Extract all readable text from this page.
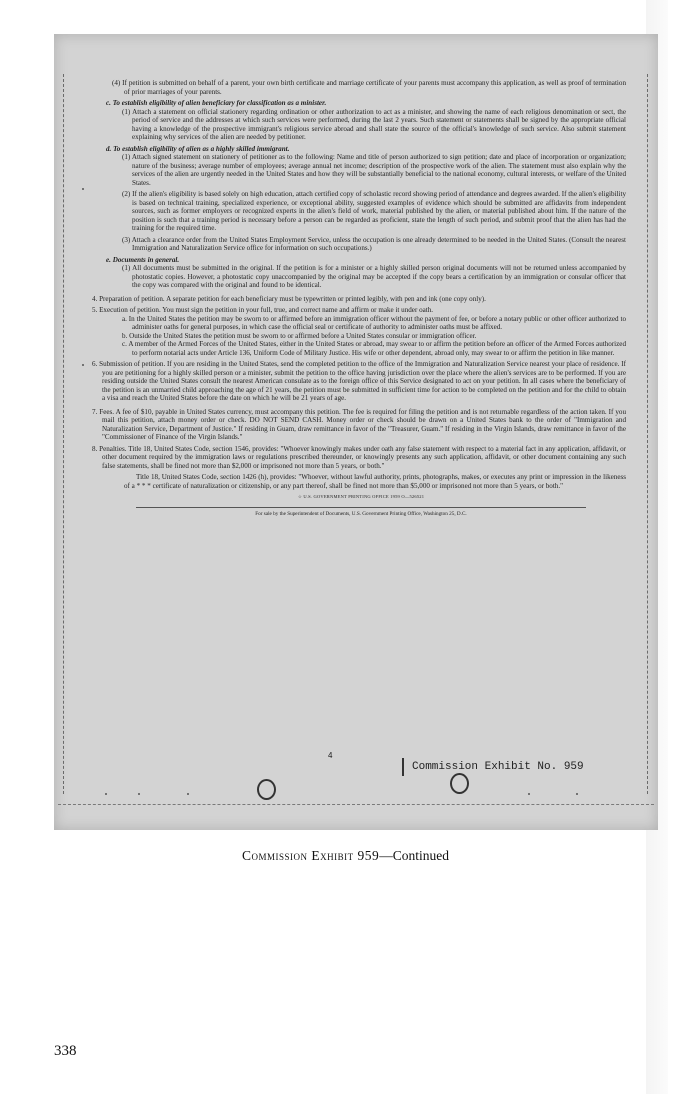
(4) If petition is submitted on behalf of a parent, your own birth certificate and marriage certificate of your parents must accompany this application, as well as proof of termination of prior marriages of your parents.

c. To establish eligibility of alien beneficiary for classification as a minister.

(1) Attach a statement on official stationery regarding ordination or other authorization to act as a minister, and showing the name of each religious denomination or sect, the period of service and the addresses at which such services were performed, during the last 2 years. Such statement or statements shall be signed by the appropriate official having a knowledge of the prospective immigrant's religious service abroad and shall state the source of the official's knowledge of such service. Also submit statement explaining why services of the alien are needed by petitioner.

d. To establish eligibility of alien as a highly skilled immigrant.

(1) Attach signed statement on stationery of petitioner as to the following: Name and title of person authorized to sign petition; date and place of incorporation or organization; nature of the business; average number of employees; average annual net income; description of the prospective work of the alien. The statement must also explain why the services of the alien are urgently needed in the United States and how they will be substantially beneficial to the national economy, cultural interests, or welfare of the United States.

(2) If the alien's eligibility is based solely on high education, attach certified copy of scholastic record showing period of attendance and degrees awarded. If the alien's eligibility is based on technical training, specialized experience, or exceptional ability, suggested examples of evidence which should be submitted are affidavits from independent sources, such as former employers or recognized experts in the alien's field of work, material published by the alien, or material published about him. If the nature of the position is such that a training period is necessary before a person can be regarded as proficient, state the length of such period, and submit proof that the alien has had the training for the required time.

(3) Attach a clearance order from the United States Employment Service, unless the occupation is one already determined to be needed in the United States. (Consult the nearest Immigration and Naturalization Service office for information on such occupations.)

e. Documents in general.

(1) All documents must be submitted in the original. If the petition is for a minister or a highly skilled person original documents will not be returned unless accompanied by photostatic copies. However, a photostatic copy unaccompanied by the original may be accepted if the copy bears a certification by an immigration or consular officer that the copy was compared with the original and found to be identical.

4. Preparation of petition. A separate petition for each beneficiary must be typewritten or printed legibly, with pen and ink (one copy only).

5. Execution of petition. You must sign the petition in your full, true, and correct name and affirm or make it under oath.

a. In the United States the petition may be sworn to or affirmed before an immigration officer without the payment of fee, or before a notary public or other officer authorized to administer oaths for general purposes, in which case the official seal or certificate of authority to administer oaths must be affixed.

b. Outside the United States the petition must be sworn to or affirmed before a United States consular or immigration officer.

c. A member of the Armed Forces of the United States, either in the United States or abroad, may swear to or affirm the petition before an officer of the Armed Forces authorized to perform notarial acts under Article 136, Uniform Code of Military Justice. His wife or other dependent, abroad only, may swear to or affirm the petition in like manner.

6. Submission of petition. If you are residing in the United States, send the completed petition to the office of the Immigration and Naturalization Service nearest your place of residence. If you are petitioning for a highly skilled person or a minister, submit the petition to the office having jurisdiction over the place where the alien's services are to be performed. If you are residing outside the United States consult the nearest American consulate as to the foreign office of this Service designated to act on your petition. In all cases where the beneficiary of the petition is an unmarried child approaching the age of 21 years, the petition must be submitted in sufficient time for action to be completed on the petition and for the child to obtain a visa and reach the United States before the date on which he will be 21 years of age.

7. Fees. A fee of $10, payable in United States currency, must accompany this petition. The fee is required for filing the petition and is not returnable regardless of the action taken. If you mail this petition, attach money order or check. DO NOT SEND CASH. Money order or check should be drawn on a United States bank to the order of "Immigration and Naturalization Service, Department of Justice." If residing in Guam, draw remittance in favor of the "Treasurer, Guam." If residing in the Virgin Islands, draw remittance in favor of the "Commissioner of Finance of the Virgin Islands."

8. Penalties. Title 18, United States Code, section 1546, provides: "Whoever knowingly makes under oath any false statement with respect to a material fact in any application, affidavit, or other document required by the immigration laws or regulations prescribed thereunder, or knowingly presents any such application, affidavit, or other document containing any such false statements, shall be fined not more than $2,000 or imprisoned not more than 5 years, or both."

Title 18, United States Code, section 1426 (h), provides: "Whoever, without lawful authority, prints, photographs, makes, or executes any print or impression in the likeness of a * * * certificate of naturalization or citizenship, or any part thereof, shall be fined not more than $5,000 or imprisoned not more than 5 years, or both."

☆ U.S. GOVERNMENT PRINTING OFFICE 1959 O—526521

For sale by the Superintendent of Documents, U.S. Government Printing Office, Washington 25, D.C.

4
Commission Exhibit No. 959
Commission Exhibit 959—Continued
338
